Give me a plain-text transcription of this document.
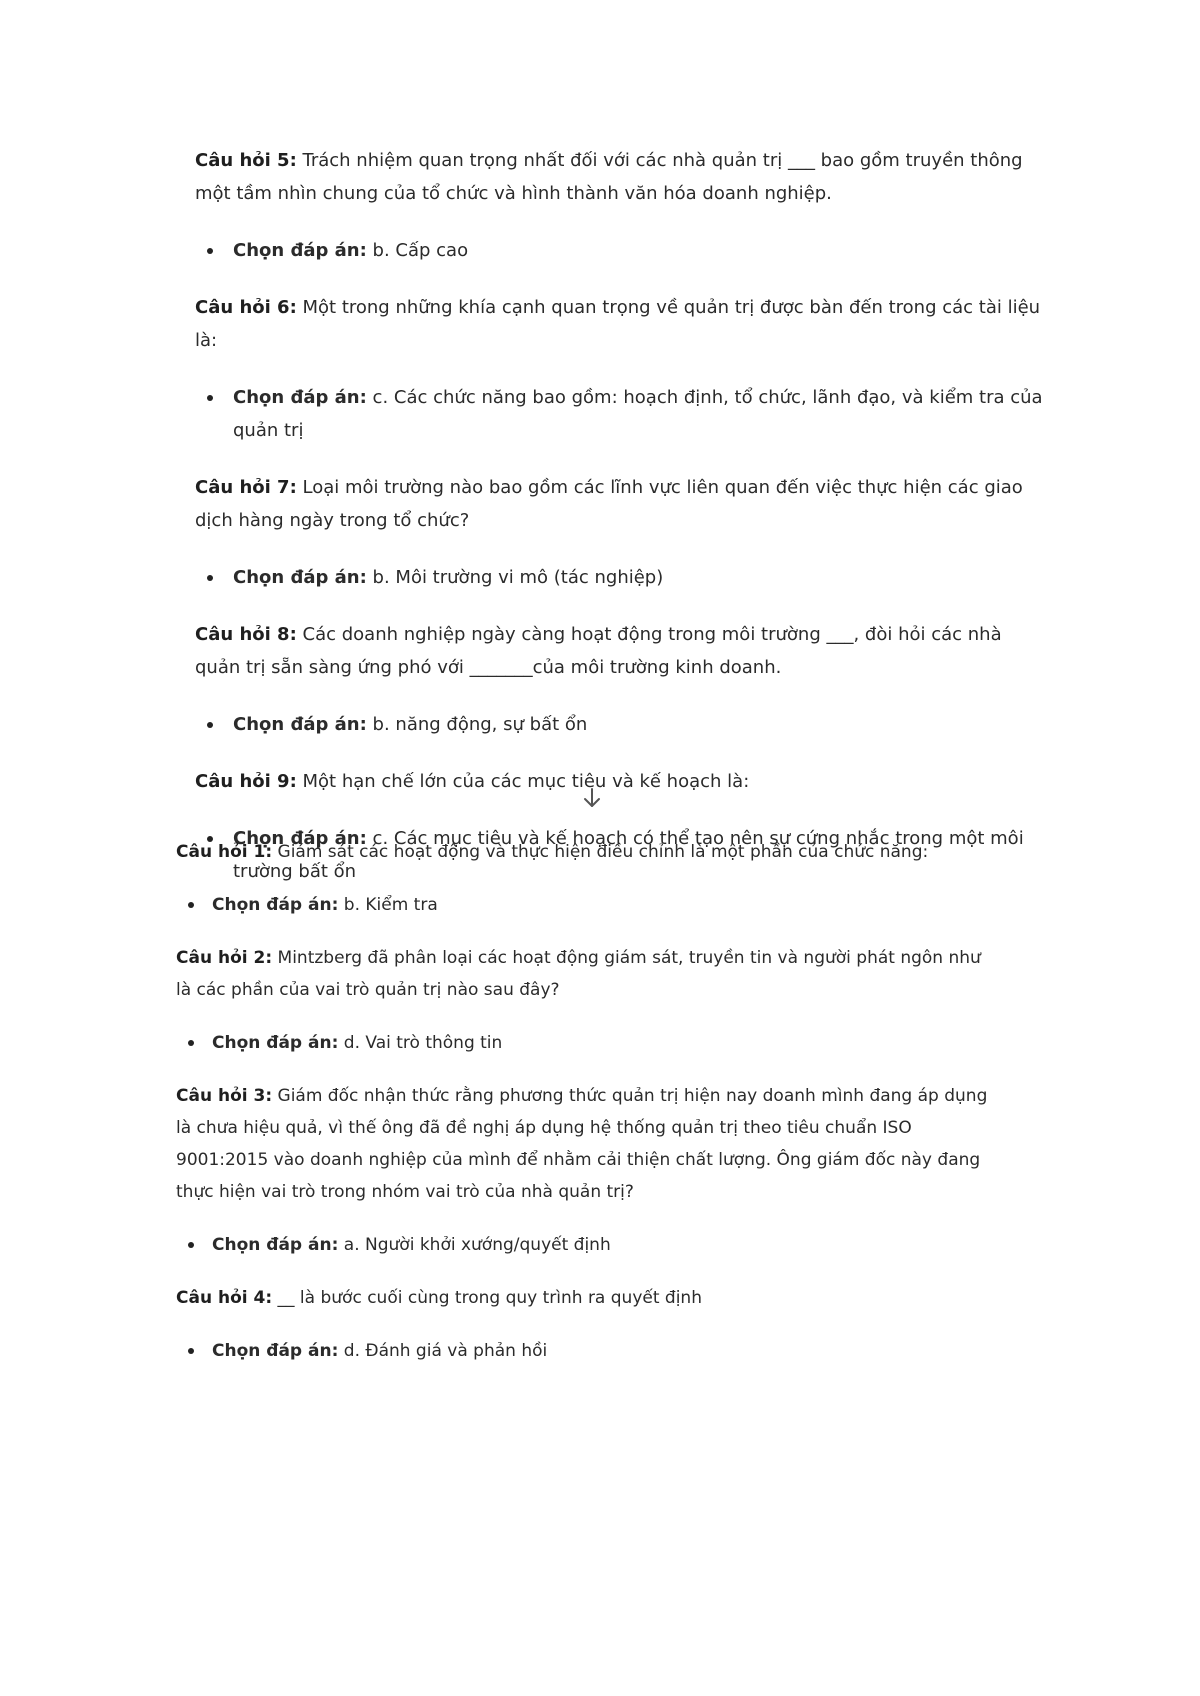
Câu hỏi 5: Trách nhiệm quan trọng nhất đối với các nhà quản trị ___ bao gồm truyền thông một tầm nhìn chung của tổ chức và hình thành văn hóa doanh nghiệp.

Chọn đáp án: b. Cấp cao

Câu hỏi 6: Một trong những khía cạnh quan trọng về quản trị được bàn đến trong các tài liệu là:

Chọn đáp án: c. Các chức năng bao gồm: hoạch định, tổ chức, lãnh đạo, và kiểm tra của quản trị

Câu hỏi 7: Loại môi trường nào bao gồm các lĩnh vực liên quan đến việc thực hiện các giao dịch hàng ngày trong tổ chức?

Chọn đáp án: b. Môi trường vi mô (tác nghiệp)

Câu hỏi 8: Các doanh nghiệp ngày càng hoạt động trong môi trường ___, đòi hỏi các nhà quản trị sẵn sàng ứng phó với _______của môi trường kinh doanh.

Chọn đáp án: b. năng động, sự bất ổn

Câu hỏi 9: Một hạn chế lớn của các mục tiêu và kế hoạch là:

Chọn đáp án: c. Các mục tiêu và kế hoạch có thể tạo nên sự cứng nhắc trong một môi trường bất ổn

Câu hỏi 1: Giám sát các hoạt động và thực hiện điều chỉnh là một phần của chức năng:

Chọn đáp án: b. Kiểm tra

Câu hỏi 2: Mintzberg đã phân loại các hoạt động giám sát, truyền tin và người phát ngôn như là các phần của vai trò quản trị nào sau đây?

Chọn đáp án: d. Vai trò thông tin

Câu hỏi 3: Giám đốc nhận thức rằng phương thức quản trị hiện nay doanh mình đang áp dụng là chưa hiệu quả, vì thế ông đã đề nghị áp dụng hệ thống quản trị theo tiêu chuẩn ISO 9001:2015 vào doanh nghiệp của mình để nhằm cải thiện chất lượng. Ông giám đốc này đang thực hiện vai trò trong nhóm vai trò của nhà quản trị?

Chọn đáp án: a. Người khởi xướng/quyết định

Câu hỏi 4: __ là bước cuối cùng trong quy trình ra quyết định

Chọn đáp án: d. Đánh giá và phản hồi
